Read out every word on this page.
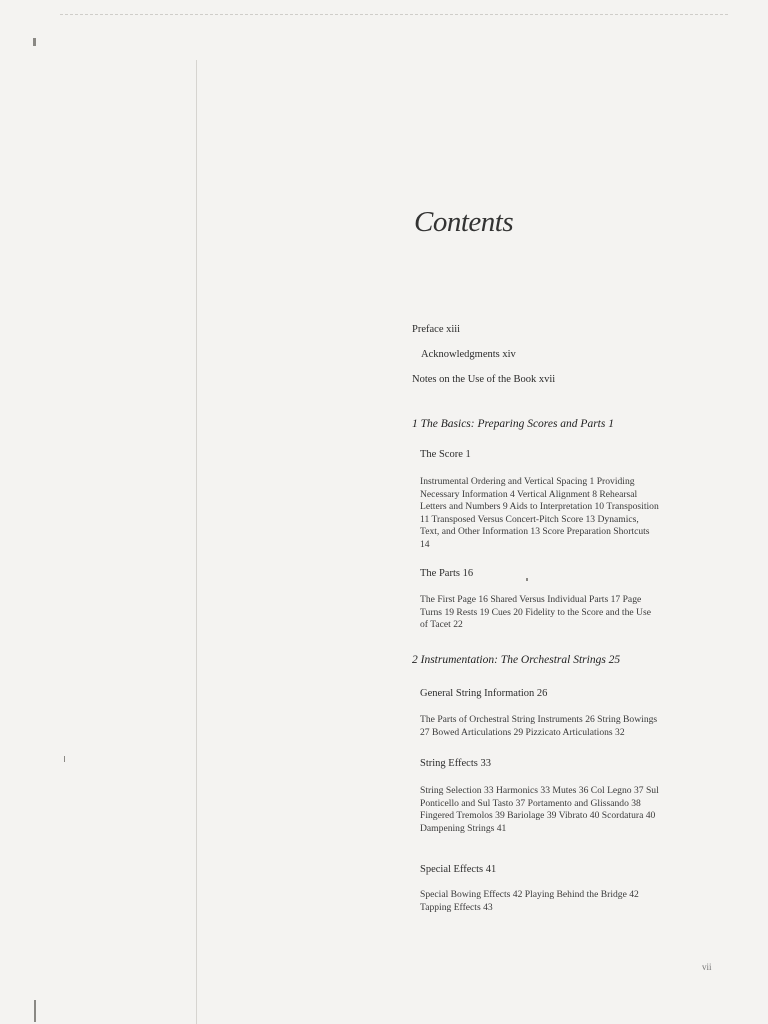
Contents
Preface xiii
Acknowledgments xiv
Notes on the Use of the Book xvii
1 The Basics: Preparing Scores and Parts 1
The Score 1
Instrumental Ordering and Vertical Spacing 1 Providing Necessary Information 4 Vertical Alignment 8 Rehearsal Letters and Numbers 9 Aids to Interpretation 10 Transposition 11 Transposed Versus Concert-Pitch Score 13 Dynamics, Text, and Other Information 13 Score Preparation Shortcuts 14
The Parts 16
The First Page 16 Shared Versus Individual Parts 17 Page Turns 19 Rests 19 Cues 20 Fidelity to the Score and the Use of Tacet 22
2 Instrumentation: The Orchestral Strings 25
General String Information 26
The Parts of Orchestral String Instruments 26 String Bowings 27 Bowed Articulations 29 Pizzicato Articulations 32
String Effects 33
String Selection 33 Harmonics 33 Mutes 36 Col Legno 37 Sul Ponticello and Sul Tasto 37 Portamento and Glissando 38 Fingered Tremolos 39 Bariolage 39 Vibrato 40 Scordatura 40 Dampening Strings 41
Special Effects 41
Special Bowing Effects 42 Playing Behind the Bridge 42 Tapping Effects 43
vii
